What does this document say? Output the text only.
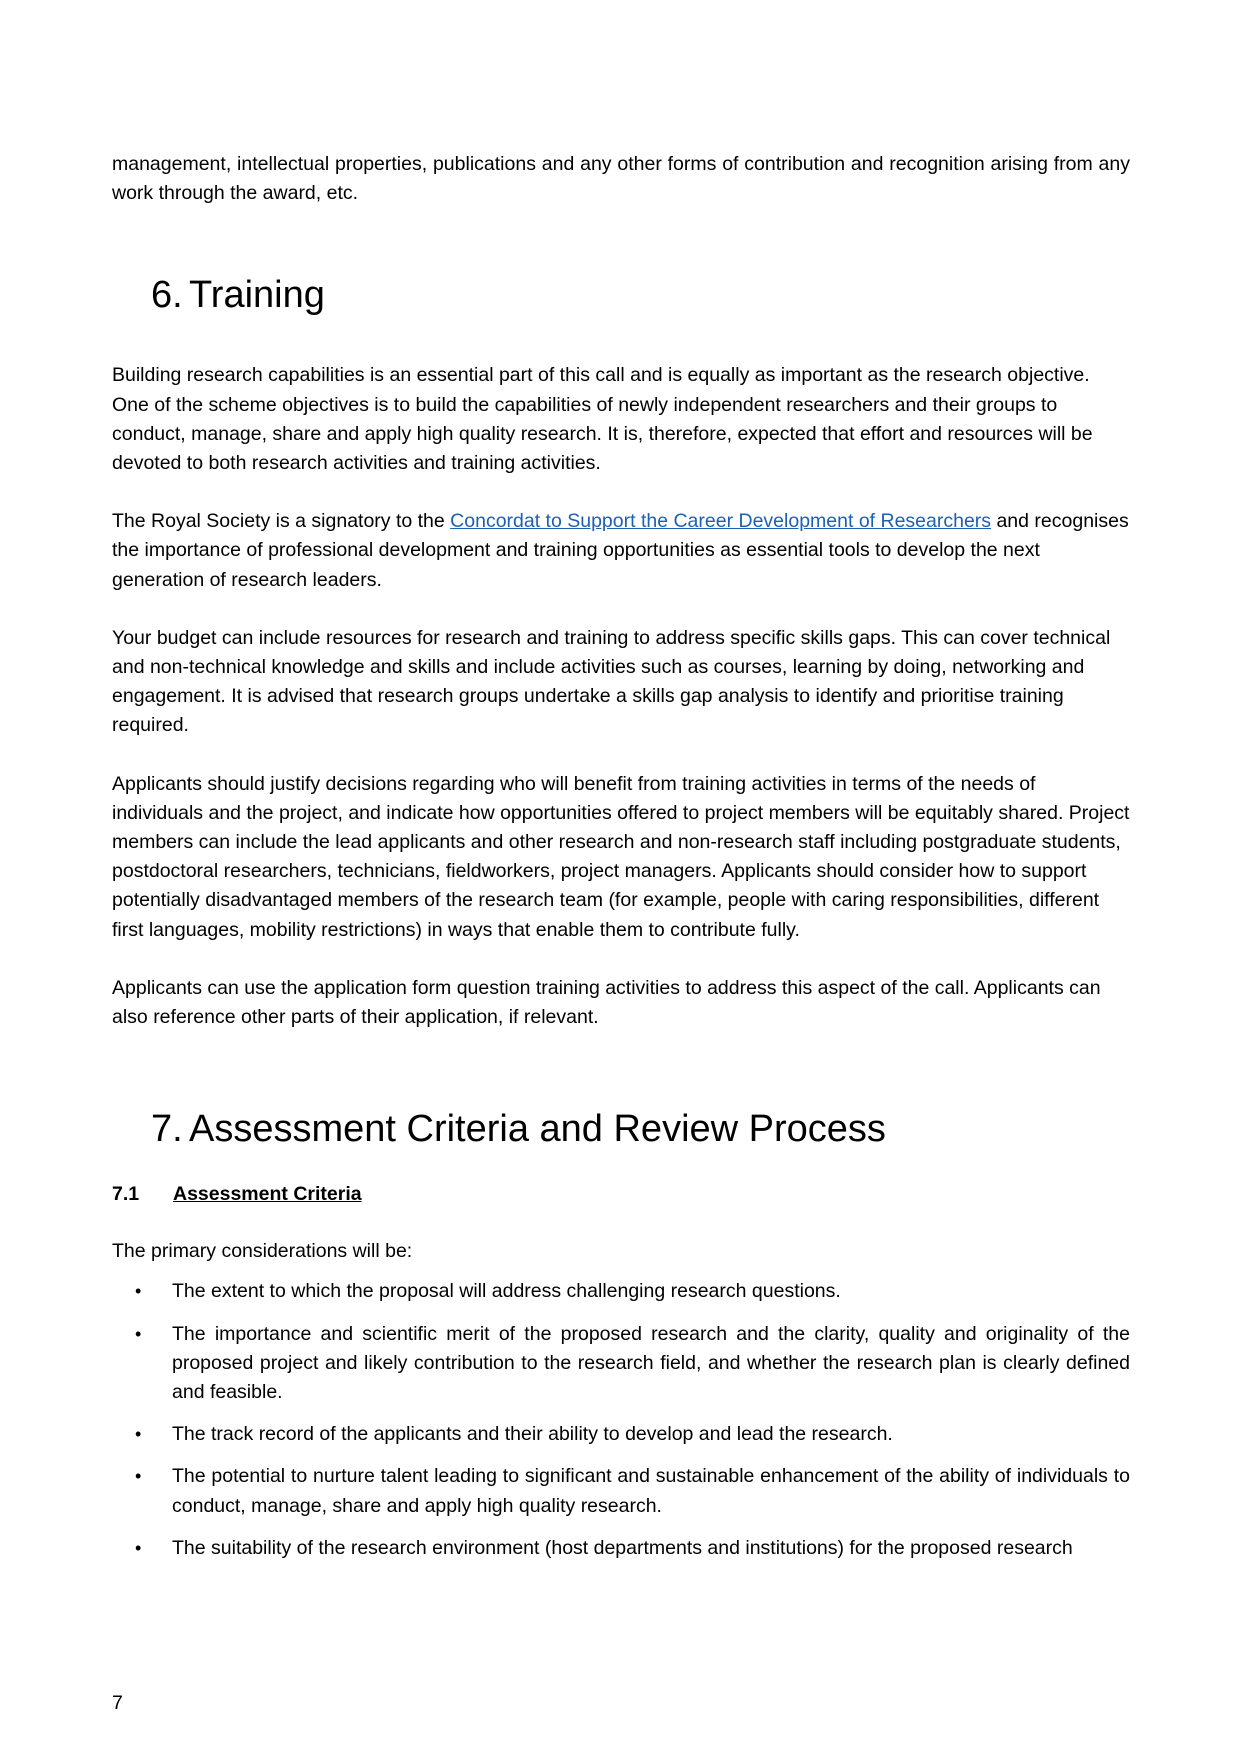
management, intellectual properties, publications and any other forms of contribution and recognition arising from any work through the award, etc.

6. Training

Building research capabilities is an essential part of this call and is equally as important as the research objective. One of the scheme objectives is to build the capabilities of newly independent researchers and their groups to conduct, manage, share and apply high quality research. It is, therefore, expected that effort and resources will be devoted to both research activities and training activities.

The Royal Society is a signatory to the Concordat to Support the Career Development of Researchers and recognises the importance of professional development and training opportunities as essential tools to develop the next generation of research leaders.

Your budget can include resources for research and training to address specific skills gaps. This can cover technical and non-technical knowledge and skills and include activities such as courses, learning by doing, networking and engagement. It is advised that research groups undertake a skills gap analysis to identify and prioritise training required.

Applicants should justify decisions regarding who will benefit from training activities in terms of the needs of individuals and the project, and indicate how opportunities offered to project members will be equitably shared. Project members can include the lead applicants and other research and non-research staff including postgraduate students, postdoctoral researchers, technicians, fieldworkers, project managers. Applicants should consider how to support potentially disadvantaged members of the research team (for example, people with caring responsibilities, different first languages, mobility restrictions) in ways that enable them to contribute fully.

Applicants can use the application form question training activities to address this aspect of the call. Applicants can also reference other parts of their application, if relevant.

7. Assessment Criteria and Review Process
7.1	Assessment Criteria

The primary considerations will be:

• The extent to which the proposal will address challenging research questions.
• The importance and scientific merit of the proposed research and the clarity, quality and originality of the proposed project and likely contribution to the research field, and whether the research plan is clearly defined and feasible.
• The track record of the applicants and their ability to develop and lead the research.
• The potential to nurture talent leading to significant and sustainable enhancement of the ability of individuals to conduct, manage, share and apply high quality research.
• The suitability of the research environment (host departments and institutions) for the proposed research
7
